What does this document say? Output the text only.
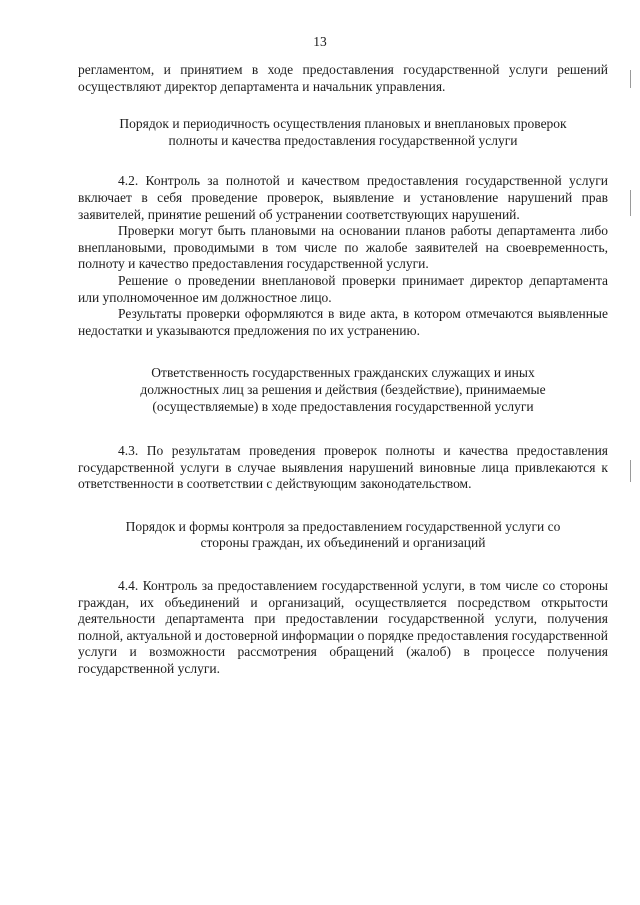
13

регламентом, и принятием в ходе предоставления государственной услуги решений осуществляют директор департамента и начальник управления.

Порядок и периодичность осуществления плановых и внеплановых проверок полноты и качества предоставления государственной услуги

4.2. Контроль за полнотой и качеством предоставления государственной услуги включает в себя проведение проверок, выявление и установление нарушений прав заявителей, принятие решений об устранении соответствующих нарушений.

Проверки могут быть плановыми на основании планов работы департамента либо внеплановыми, проводимыми в том числе по жалобе заявителей на своевременность, полноту и качество предоставления государственной услуги.

Решение о проведении внеплановой проверки принимает директор департамента или уполномоченное им должностное лицо.

Результаты проверки оформляются в виде акта, в котором отмечаются выявленные недостатки и указываются предложения по их устранению.

Ответственность государственных гражданских служащих и иных должностных лиц за решения и действия (бездействие), принимаемые (осуществляемые) в ходе предоставления государственной услуги

4.3. По результатам проведения проверок полноты и качества предоставления государственной услуги в случае выявления нарушений виновные лица привлекаются к ответственности в соответствии с действующим законодательством.

Порядок и формы контроля за предоставлением государственной услуги со стороны граждан, их объединений и организаций

4.4. Контроль за предоставлением государственной услуги, в том числе со стороны граждан, их объединений и организаций, осуществляется посредством открытости деятельности департамента при предоставлении государственной услуги, получения полной, актуальной и достоверной информации о порядке предоставления государственной услуги и возможности рассмотрения обращений (жалоб) в процессе получения государственной услуги.
